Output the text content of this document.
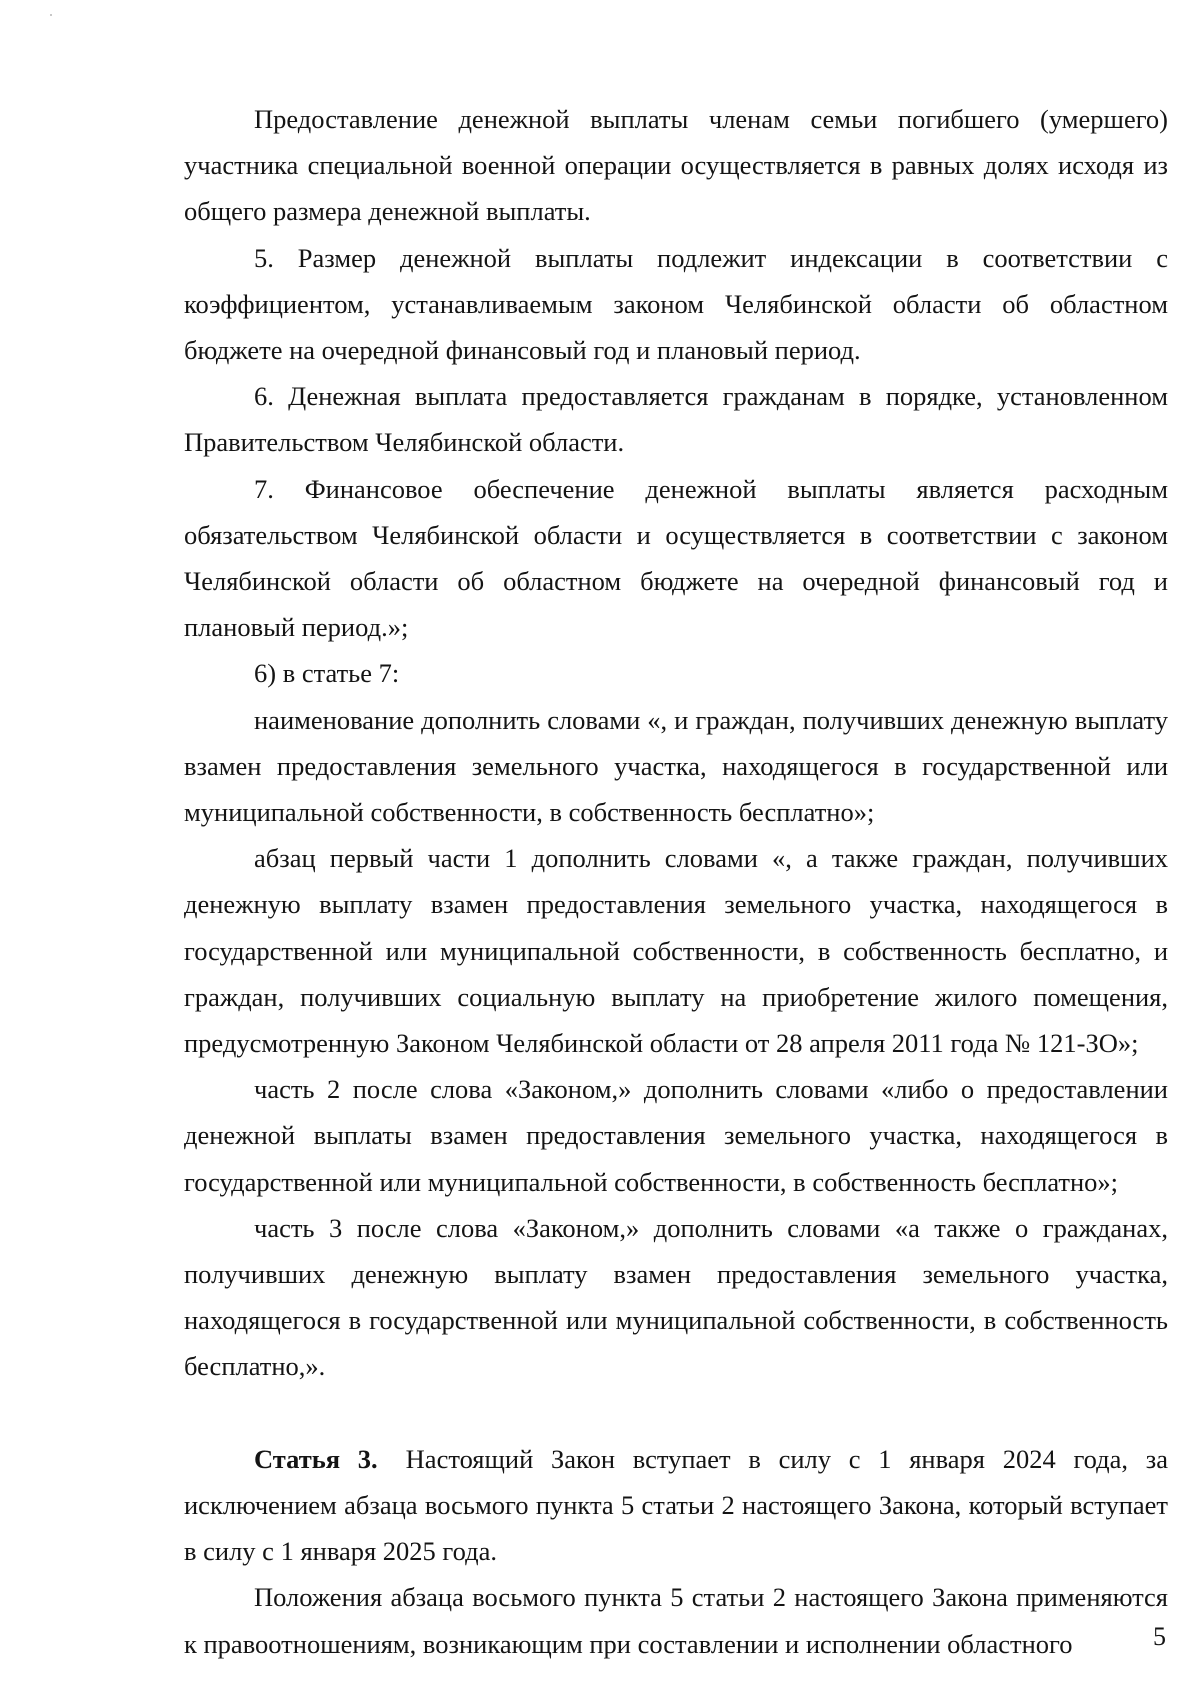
Предоставление денежной выплаты членам семьи погибшего (умершего) участника специальной военной операции осуществляется в равных долях исходя из общего размера денежной выплаты.

5. Размер денежной выплаты подлежит индексации в соответствии с коэффициентом, устанавливаемым законом Челябинской области об областном бюджете на очередной финансовый год и плановый период.

6. Денежная выплата предоставляется гражданам в порядке, установленном Правительством Челябинской области.

7. Финансовое обеспечение денежной выплаты является расходным обязательством Челябинской области и осуществляется в соответствии с законом Челябинской области об областном бюджете на очередной финансовый год и плановый период.»;

6) в статье 7:

наименование дополнить словами «, и граждан, получивших денежную выплату взамен предоставления земельного участка, находящегося в государственной или муниципальной собственности, в собственность бесплатно»;

абзац первый части 1 дополнить словами «, а также граждан, получивших денежную выплату взамен предоставления земельного участка, находящегося в государственной или муниципальной собственности, в собственность бесплатно, и граждан, получивших социальную выплату на приобретение жилого помещения, предусмотренную Законом Челябинской области от 28 апреля 2011 года № 121-ЗО»;

часть 2 после слова «Законом,» дополнить словами «либо о предоставлении денежной выплаты взамен предоставления земельного участка, находящегося в государственной или муниципальной собственности, в собственность бесплатно»;

часть 3 после слова «Законом,» дополнить словами «а также о гражданах, получивших денежную выплату взамен предоставления земельного участка, находящегося в государственной или муниципальной собственности, в собственность бесплатно,».

Статья 3. Настоящий Закон вступает в силу с 1 января 2024 года, за исключением абзаца восьмого пункта 5 статьи 2 настоящего Закона, который вступает в силу с 1 января 2025 года.

Положения абзаца восьмого пункта 5 статьи 2 настоящего Закона применяются к правоотношениям, возникающим при составлении и исполнении областного	5
